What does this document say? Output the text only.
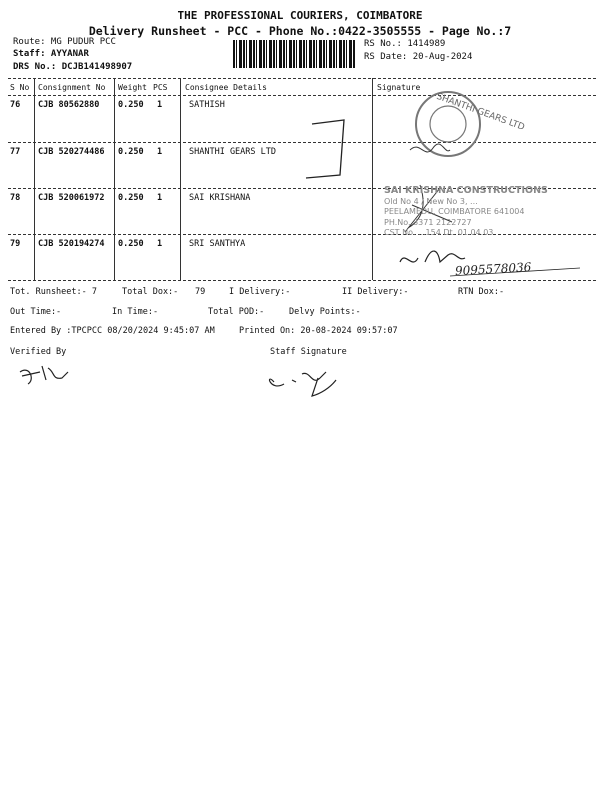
THE PROFESSIONAL COURIERS, COIMBATORE
Delivery Runsheet - PCC - Phone No.:0422-3505555 - Page No.:7
Route: MG PUDUR PCC
Staff: AYYANAR
DRS No.: DCJB141498907
RS No.: 1414989
RS Date: 20-Aug-2024
S No Consignment No Weight PCS Consignee Details	Signature
76 CJB 80562880 0.250 1	SATHISH
77 CJB 520274486 0.250 1	SHANTHI GEARS LTD
78 CJB 520061972 0.250 1	SAI KRISHANA
79 CJB 520194274 0.250 1	SRI SANTHYA
SHANTHI GEARS LTD
SAI KRISHNA CONSTRUCTIONS
Old No 4 / New No 3, ...
PEELAMEDU, COIMBATORE 641004
PH.No. 3371 2122727
CST No. ...154 Dt. 01.04.03
9095578036
Tot. Runsheet:- 7	Total Dox:- 79	I Delivery:-	II Delivery:-	RTN Dox:-
Out Time:-	In Time:-	Total POD:-	Delvy Points:-
Entered By :TPCPCC 08/20/2024 9:45:07 AM	Printed On: 20-08-2024 09:57:07
Verified By	Staff Signature
